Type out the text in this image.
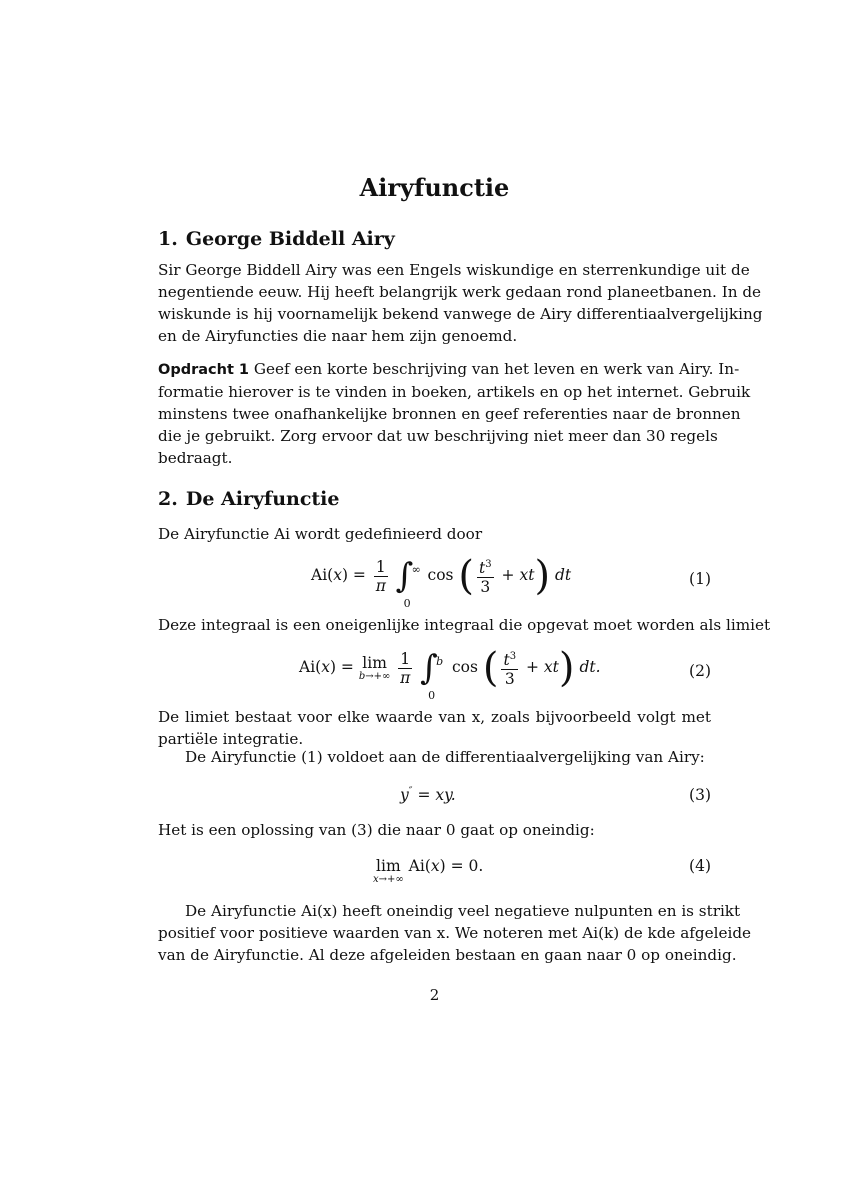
Airyfunctie
1. George Biddell Airy
Sir George Biddell Airy was een Engels wiskundige en sterrenkundige uit de
negentiende eeuw. Hij heeft belangrijk werk gedaan rond planeetbanen. In de
wiskunde is hij voornamelijk bekend vanwege de Airy differentiaalvergelijking
en de Airyfuncties die naar hem zijn genoemd.
Opdracht 1 Geef een korte beschrijving van het leven en werk van Airy. In-
formatie hierover is te vinden in boeken, artikels en op het internet. Gebruik
minstens twee onafhankelijke bronnen en geef referenties naar de bronnen
die je gebruikt. Zorg ervoor dat uw beschrijving niet meer dan 30 regels
bedraagt.
2. De Airyfunctie
De Airyfunctie Ai wordt gedefinieerd door
$Ai(x) = \frac{1}{\pi}$ ∫
∞
0
cos ( $\frac{t^3}{3} + xt$) dt	(1)
Deze integraal is een oneigenlijke integraal die opgevat moet worden als limiet
Ai(x) = lim
b→+∞
$\frac{1}{\pi}$ ∫
b
0
cos ( $\frac{t^3}{3} + xt$) dt.	(2)
De limiet bestaat voor elke waarde van x, zoals bijvoorbeeld volgt met
partiële integratie.
De Airyfunctie (1) voldoet aan de differentiaalvergelijking van Airy:
y″ = xy.	(3)
Het is een oplossing van (3) die naar 0 gaat op oneindig:
lim
x→+∞
Ai(x) = 0.	(4)
De Airyfunctie Ai(x) heeft oneindig veel negatieve nulpunten en is strikt
positief voor positieve waarden van x. We noteren met Ai(k) de kde afgeleide
van de Airyfunctie. Al deze afgeleiden bestaan en gaan naar 0 op oneindig.
2
